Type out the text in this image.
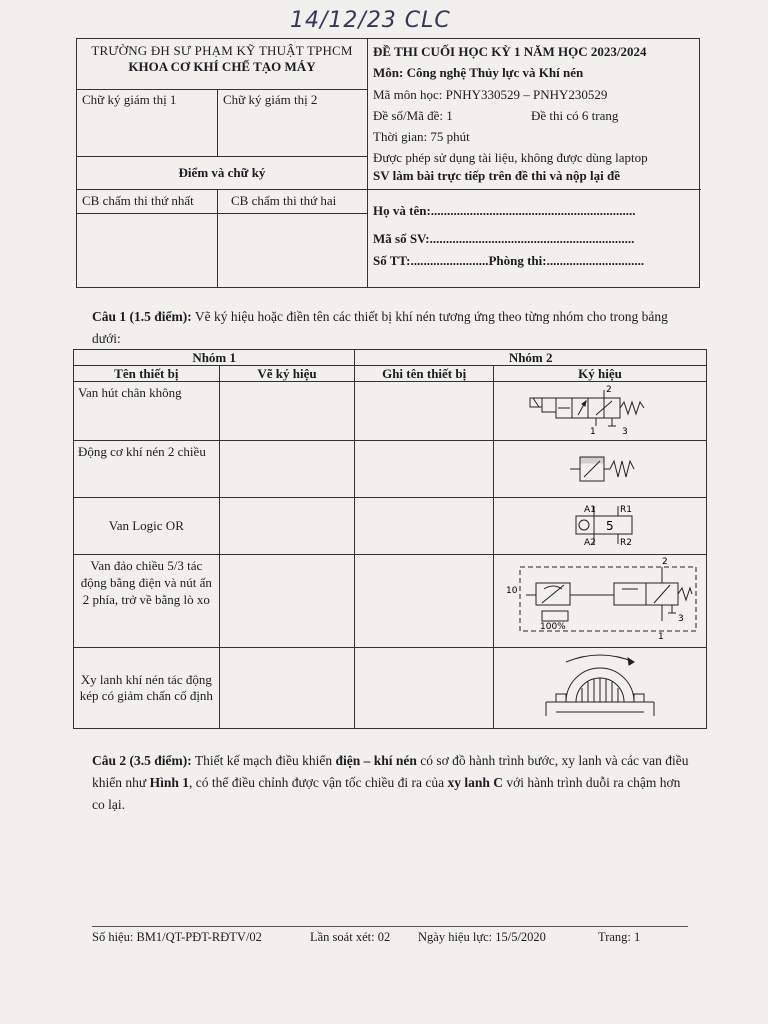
14/12/23 CLC
TRƯỜNG ĐH SƯ PHẠM KỸ THUẬT TPHCM
KHOA CƠ KHÍ CHẾ TẠO MÁY
Chữ ký giám thị 1	Chữ ký giám thị 2
Điểm và chữ ký
CB chấm thi thứ nhất	CB chấm thi thứ hai

ĐỀ THI CUỐI HỌC KỲ 1 NĂM HỌC 2023/2024

Môn: Công nghệ Thủy lực và Khí nén

Mã môn học: PNHY330529 – PNHY230529

Đề số/Mã đề: 1	Đề thi có 6 trang

Thời gian: 75 phút

Được phép sử dụng tài liệu, không được dùng laptop

SV làm bài trực tiếp trên đề thi và nộp lại đề

Họ và tên:...............................................................
Mã số SV:...............................................................
Số TT:........................Phòng thi:..............................
Câu 1 (1.5 điểm): Vẽ ký hiệu hoặc điền tên các thiết bị khí nén tương ứng theo từng nhóm cho trong bảng dưới:
Nhóm 1		Nhóm 2	
Tên thiết bị	Vẽ ký hiệu	Ghi tên thiết bị	Ký hiệu
Van hút chân không			2
1 3

Động cơ khí nén 2 chiều			
Van Logic OR			A1 R1
A2 R2
5

Van đảo chiều 5/3 tác động bằng điện và nút ấn 2 phía, trở về bằng lò xo			2
10
100%
3
1

Xy lanh khí nén tác động kép có giảm chấn cố định			
Câu 2 (3.5 điểm): Thiết kế mạch điều khiển điện – khí nén có sơ đồ hành trình bước, xy lanh và các van điều khiển như Hình 1, có thể điều chỉnh được vận tốc chiều đi ra của xy lanh C với hành trình duỗi ra chậm hơn co lại.
Số hiệu: BM1/QT-PĐT-RĐTV/02	Lần soát xét: 02 Ngày hiệu lực: 15/5/2020	Trang: 1
